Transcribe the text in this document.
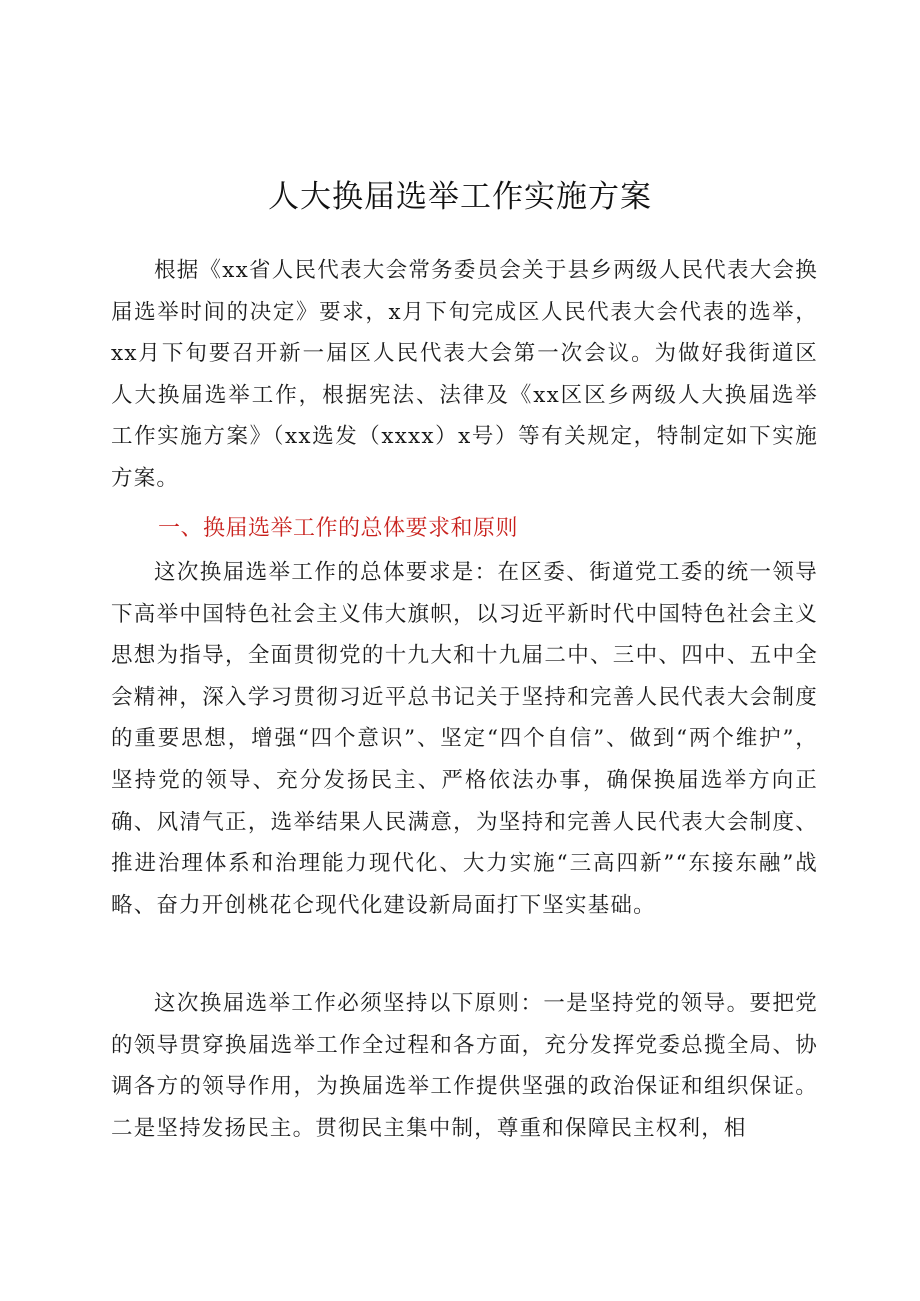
人大换届选举工作实施方案

根据《xx省人民代表大会常务委员会关于县乡两级人民代表大会换届选举时间的决定》要求，x月下旬完成区人民代表大会代表的选举，xx月下旬要召开新一届区人民代表大会第一次会议。为做好我街道区人大换届选举工作，根据宪法、法律及《xx区区乡两级人大换届选举工作实施方案》（xx选发（xxxx）x号）等有关规定，特制定如下实施方案。

一、换届选举工作的总体要求和原则

这次换届选举工作的总体要求是：在区委、街道党工委的统一领导下高举中国特色社会主义伟大旗帜，以习近平新时代中国特色社会主义思想为指导，全面贯彻党的十九大和十九届二中、三中、四中、五中全会精神，深入学习贯彻习近平总书记关于坚持和完善人民代表大会制度的重要思想，增强“四个意识”、坚定“四个自信”、做到“两个维护”，坚持党的领导、充分发扬民主、严格依法办事，确保换届选举方向正确、风清气正，选举结果人民满意，为坚持和完善人民代表大会制度、推进治理体系和治理能力现代化、大力实施“三高四新”“东接东融”战略、奋力开创桃花仑现代化建设新局面打下坚实基础。

这次换届选举工作必须坚持以下原则：一是坚持党的领导。要把党的领导贯穿换届选举工作全过程和各方面，充分发挥党委总揽全局、协调各方的领导作用，为换届选举工作提供坚强的政治保证和组织保证。二是坚持发扬民主。贯彻民主集中制，尊重和保障民主权利，相
